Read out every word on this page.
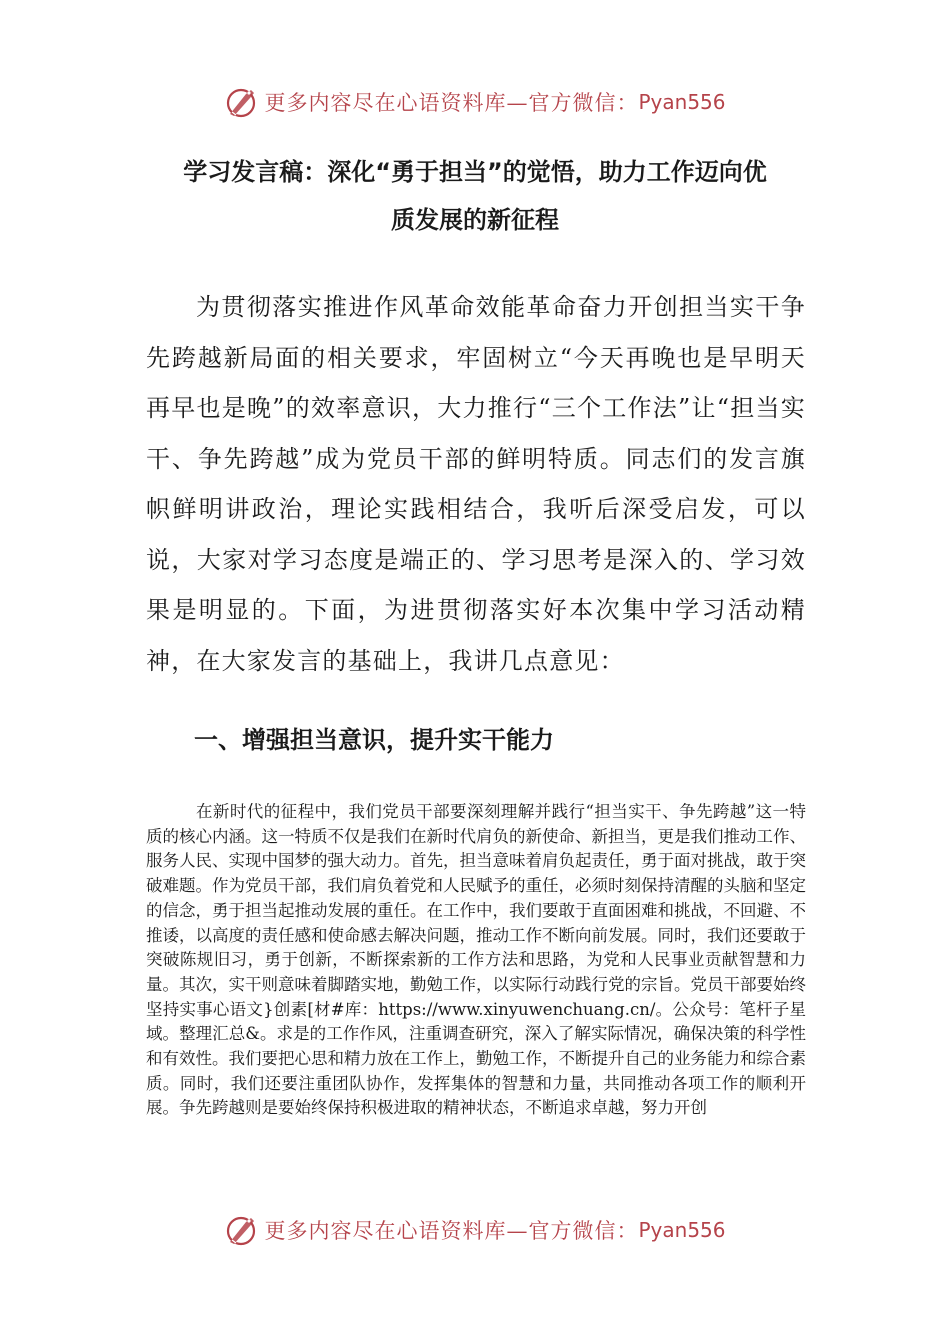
更多内容尽在心语资料库—官方微信： Pyan556
学习发言稿：深化“勇于担当”的觉悟，助力工作迈向优
质发展的新征程

为贯彻落实推进作风革命效能革命奋力开创担当实干争先跨越新局面的相关要求，牢固树立“今天再晚也是早明天再早也是晚”的效率意识，大力推行“三个工作法”让“担当实干、争先跨越”成为党员干部的鲜明特质。同志们的发言旗帜鲜明讲政治，理论实践相结合，我听后深受启发，可以说，大家对学习态度是端正的、学习思考是深入的、学习效果是明显的。下面，为进贯彻落实好本次集中学习活动精神，在大家发言的基础上，我讲几点意见：

一、增强担当意识，提升实干能力

在新时代的征程中，我们党员干部要深刻理解并践行“担当实干、争先跨越”这一特质的核心内涵。这一特质不仅是我们在新时代肩负的新使命、新担当，更是我们推动工作、服务人民、实现中国梦的强大动力。首先，担当意味着肩负起责任，勇于面对挑战，敢于突破难题。作为党员干部，我们肩负着党和人民赋予的重任，必须时刻保持清醒的头脑和坚定的信念，勇于担当起推动发展的重任。在工作中，我们要敢于直面困难和挑战，不回避、不推诿，以高度的责任感和使命感去解决问题，推动工作不断向前发展。同时，我们还要敢于突破陈规旧习，勇于创新，不断探索新的工作方法和思路，为党和人民事业贡献智慧和力量。其次，实干则意味着脚踏实地，勤勉工作，以实际行动践行党的宗旨。党员干部要始终坚持实事心语文}创素[材#库：https://www.xinyuwenchuang.cn/。公众号：笔杆子星域。整理汇总&。求是的工作作风，注重调查研究，深入了解实际情况，确保决策的科学性和有效性。我们要把心思和精力放在工作上，勤勉工作，不断提升自己的业务能力和综合素质。同时，我们还要注重团队协作，发挥集体的智慧和力量，共同推动各项工作的顺利开展。争先跨越则是要始终保持积极进取的精神状态，不断追求卓越，努力开创

更多内容尽在心语资料库—官方微信： Pyan556
